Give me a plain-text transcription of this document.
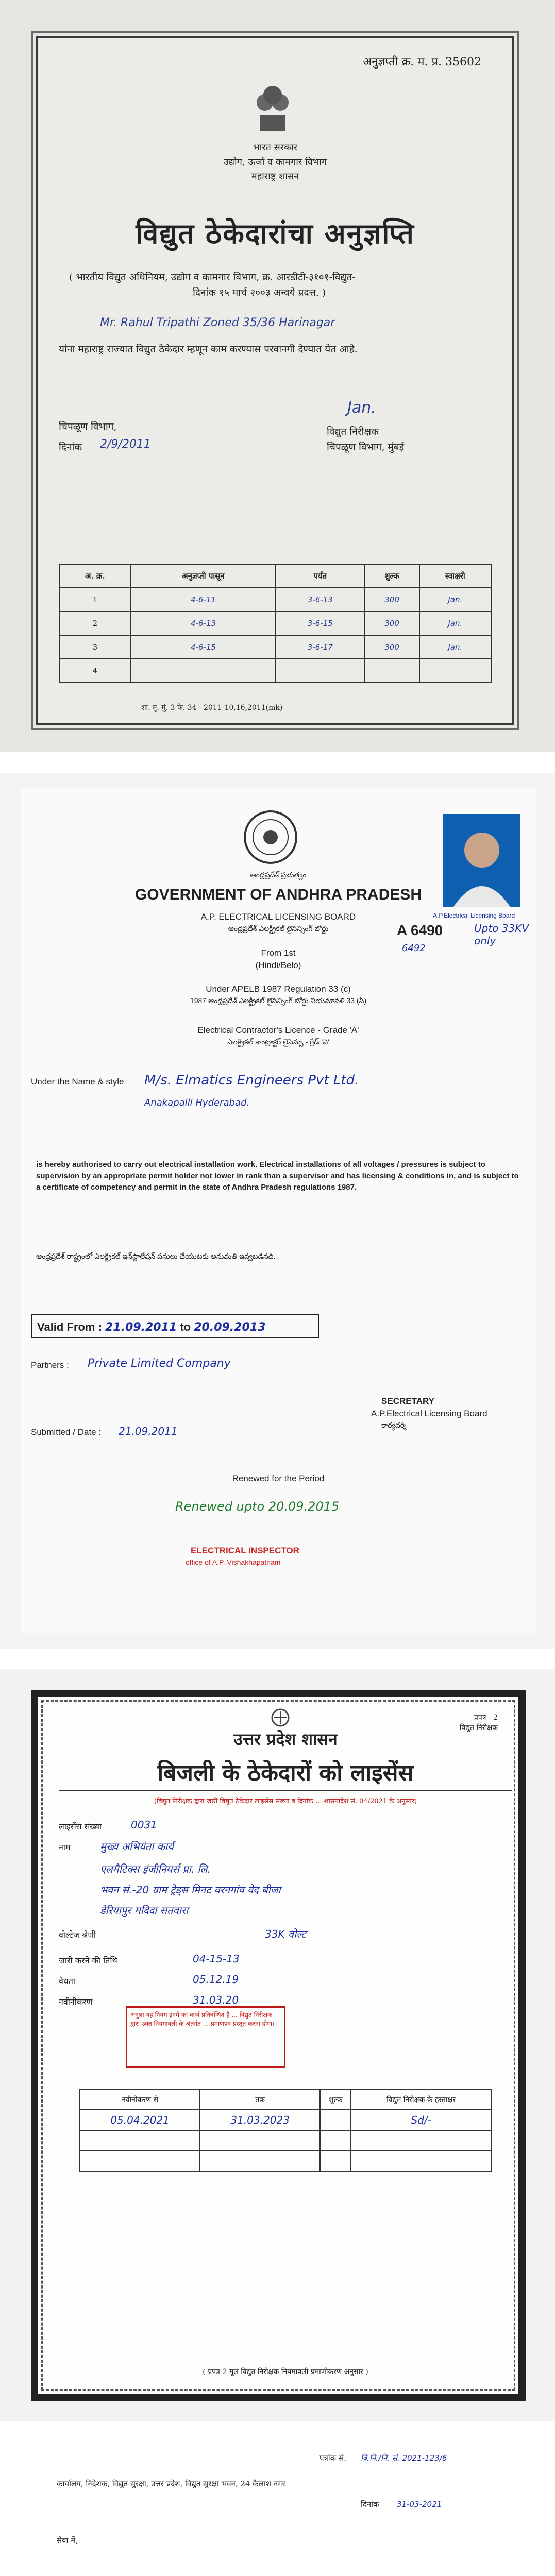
अनुज्ञप्ती क्र. म. प्र. 35602
भारत सरकार
उद्योग, ऊर्जा व कामगार विभाग
महाराष्ट्र शासन
विद्युत ठेकेदारांचा अनुज्ञप्ति
( भारतीय विद्युत अधिनियम, उद्योग व कामगार विभाग, क्र. आरडीटी-३१०१-विद्युत-
दिनांक १५ मार्च २००३ अन्वये प्रदत्त. )
Mr. Rahul Tripathi Zoned 35/36 Harinagar
यांना महाराष्ट्र राज्यात विद्युत ठेकेदार म्हणून काम करण्यास परवानगी देण्यात येत आहे.
चिपळूण विभाग,
दिनांक 2/9/2011
Jan.
विद्युत निरीक्षक
चिपळूण विभाग, मुंबई
अ. क्र.	अनुज्ञप्ती पासून	पर्यंत	शुल्क	स्वाक्षरी
1	4-6-11	3-6-13	300	Jan.
2	4-6-13	3-6-15	300	Jan.
3	4-6-15	3-6-17	300	Jan.
4				
शा. मु. मुं. 3 फे. 34 - 2011-10,16,2011(mk)
A.P.Electrical Licensing Board
ఆంధ్రప్రదేశ్ ప్రభుత్వం
GOVERNMENT OF ANDHRA PRADESH
A.P. ELECTRICAL LICENSING BOARD
ఆంధ్రప్రదేశ్ ఎలక్ట్రికల్ లైసెన్సింగ్ బోర్డు	A 6490
6492
Upto 33KV only
From 1st
(Hindi/Belo)
Under APELB 1987 Regulation 33 (c)
1987 ఆంధ్రప్రదేశ్ ఎలక్ట్రికల్ లైసెన్సింగ్ బోర్డు నియమావళి 33 (సి)
Electrical Contractor's Licence - Grade 'A'
ఎలక్ట్రికల్ కాంట్రాక్టర్ లైసెన్సు - గ్రేడ్ 'ఎ'
Under the Name & style M/s. Elmatics Engineers Pvt Ltd.
Anakapalli Hyderabad.
is hereby authorised to carry out electrical installation work. Electrical installations of all voltages / pressures is subject to supervision by an appropriate permit holder not lower in rank than a supervisor and has licensing & conditions in, and is subject to a certificate of competency and permit in the state of Andhra Pradesh regulations 1987.
ఆంధ్రప్రదేశ్ రాష్ట్రంలో ఎలక్ట్రికల్ ఇన్‌స్టాలేషన్ పనులు చేయుటకు అనుమతి ఇవ్వబడినది.
Valid From : 21.09.2011 to 20.09.2013
Partners : Private Limited Company
SECRETARY
A.P.Electrical Licensing Board
కార్యదర్శి
Submitted / Date : 21.09.2011
Renewed for the Period
Renewed upto 20.09.2015
ELECTRICAL INSPECTOR
office of A.P. Vishakhapatnam
प्रपत्र - 2
विद्युत निरीक्षक
उत्तर प्रदेश शासन
बिजली के ठेकेदारों को लाइसेंस
(विद्युत निरीक्षक द्वारा जारी विद्युत ठेकेदार लाइसेंस संख्या व दिनांक ... शासनादेश सं. 04/2021 के अनुसार)
लाइसेंस संख्या	0031
नाम	मुख्य अभियंता कार्य
एलमैटिक्स इंजीनियर्स प्रा. लि.
भवन सं.-20 ग्राम ट्रेड्स मिनट वरनगांव वेद बीजा
डेरियापुर मदिदा सतवारा
वोल्टेज श्रेणी	33K वोल्ट
जारी करने की तिथि	04-15-13
वैधता	05.12.19
नवीनीकरण	31.03.20
अनुज्ञा यह नियम इनमें का कार्य प्रतिबन्धित है ... विद्युत निरीक्षक द्वारा उक्त नियमावली के अंतर्गत ... प्रमाणपत्र प्रस्तुत करना होगा।
नवीनीकरण से	तक	शुल्क	विद्युत निरीक्षक के हस्ताक्षर
05.04.2021	31.03.2023		Sd/-

( प्रपत्र-2 मूल विद्युत निरीक्षक नियमावली प्रमाणीकरण अनुसार )
पत्रांक सं. वि.नि./नि. सं. 2021-123/6
कार्यालय, निदेशक, विद्युत सुरक्षा, उत्तर प्रदेश, विद्युत सुरक्षा भवन, 24 कैलाश नगर
दिनांक 31-03-2021
सेवा में,
